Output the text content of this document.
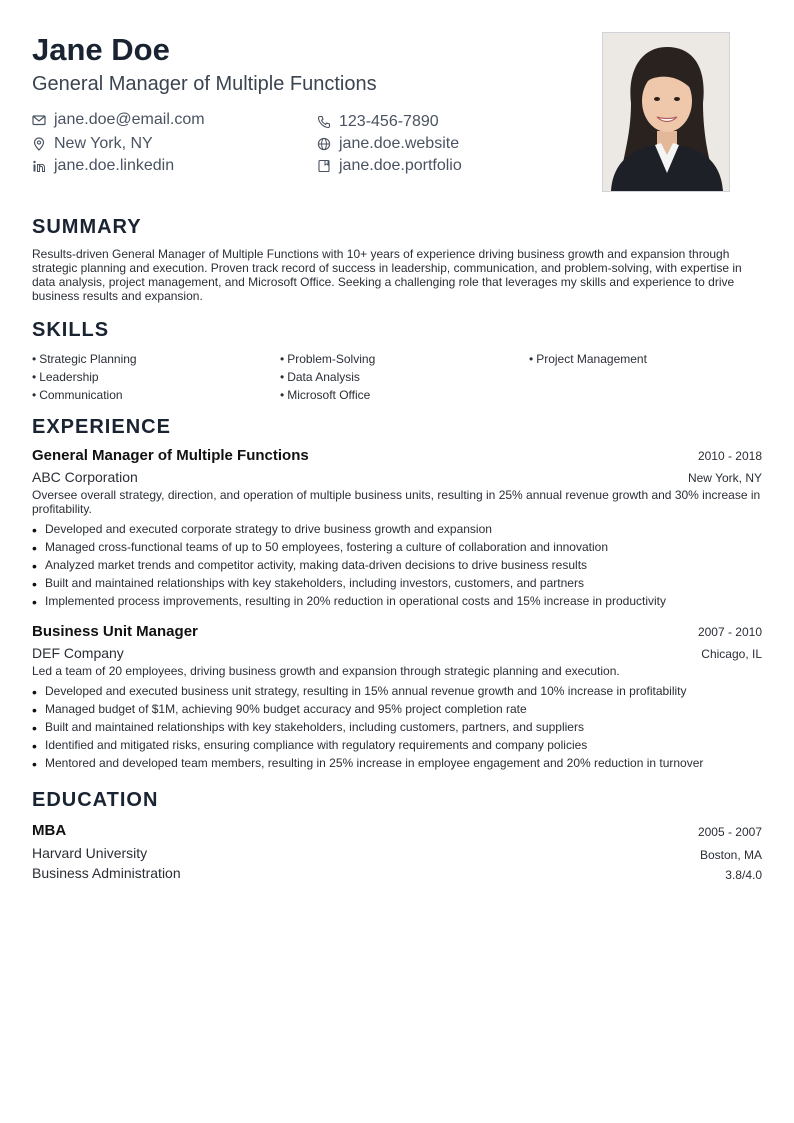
Jane Doe
General Manager of Multiple Functions
jane.doe@email.com	123-456-7890
New York, NY	jane.doe.website
jane.doe.linkedin	jane.doe.portfolio
SUMMARY

Results-driven General Manager of Multiple Functions with 10+ years of experience driving business growth and expansion through strategic planning and execution. Proven track record of success in leadership, communication, and problem-solving, with expertise in data analysis, project management, and Microsoft Office. Seeking a challenging role that leverages my skills and experience to drive business results and expansion.

SKILLS
• Strategic Planning	• Problem-Solving	• Project Management
• Leadership	• Data Analysis
• Communication	• Microsoft Office
EXPERIENCE
General Manager of Multiple Functions	2010 - 2018
ABC Corporation	New York, NY
Oversee overall strategy, direction, and operation of multiple business units, resulting in 25% annual revenue growth and 30% increase in profitability.
• Developed and executed corporate strategy to drive business growth and expansion
• Managed cross-functional teams of up to 50 employees, fostering a culture of collaboration and innovation
• Analyzed market trends and competitor activity, making data-driven decisions to drive business results
• Built and maintained relationships with key stakeholders, including investors, customers, and partners
• Implemented process improvements, resulting in 20% reduction in operational costs and 15% increase in productivity
Business Unit Manager	2007 - 2010
DEF Company	Chicago, IL
Led a team of 20 employees, driving business growth and expansion through strategic planning and execution.
• Developed and executed business unit strategy, resulting in 15% annual revenue growth and 10% increase in profitability
• Managed budget of $1M, achieving 90% budget accuracy and 95% project completion rate
• Built and maintained relationships with key stakeholders, including customers, partners, and suppliers
• Identified and mitigated risks, ensuring compliance with regulatory requirements and company policies
• Mentored and developed team members, resulting in 25% increase in employee engagement and 20% reduction in turnover
EDUCATION
MBA	2005 - 2007
Harvard University	Boston, MA
Business Administration	3.8/4.0
